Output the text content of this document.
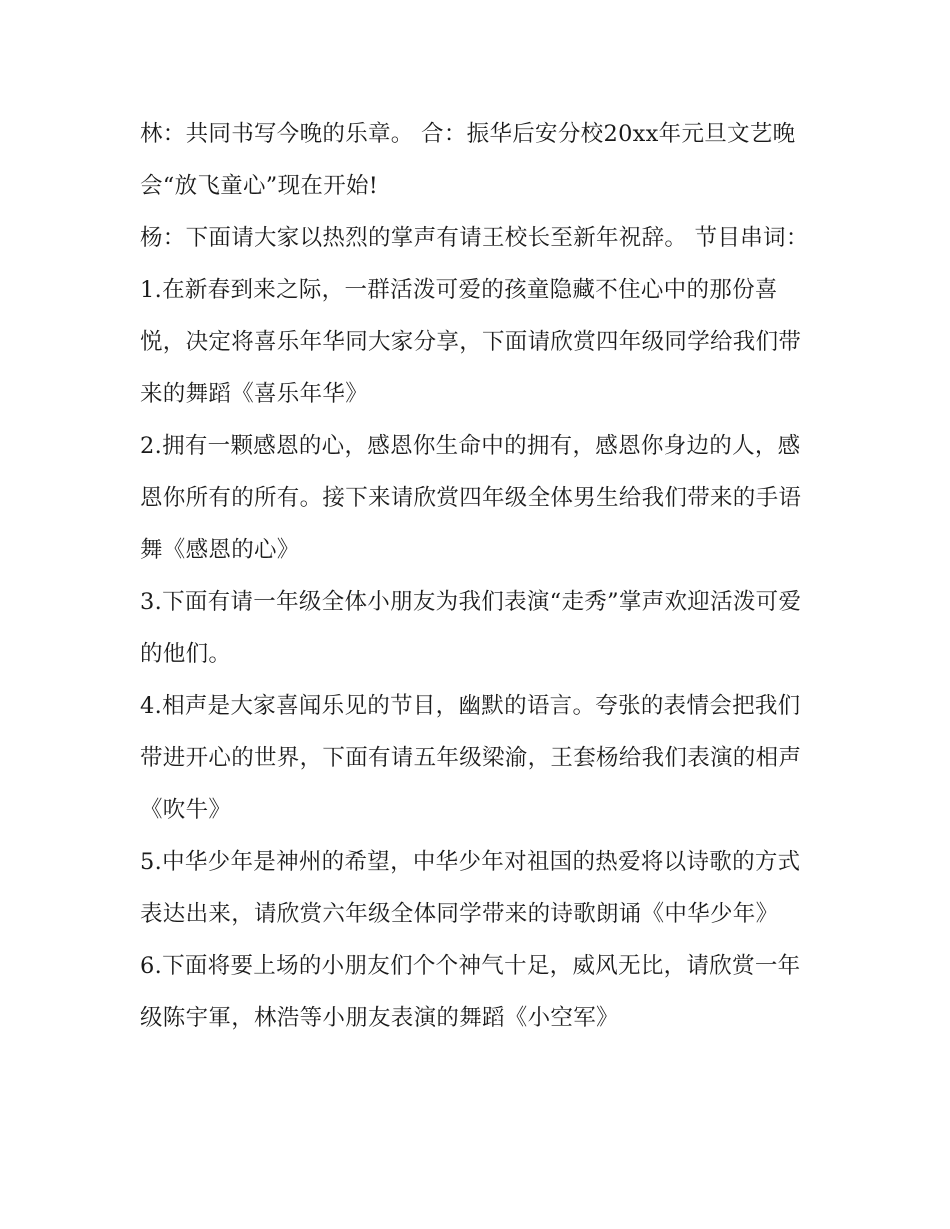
林：共同书写今晚的乐章。 合：振华后安分校20xx年元旦文艺晚会“放飞童心”现在开始!

杨：下面请大家以热烈的掌声有请王校长至新年祝辞。 节目串词：

1.在新春到来之际，一群活泼可爱的孩童隐藏不住心中的那份喜悦，决定将喜乐年华同大家分享，下面请欣赏四年级同学给我们带来的舞蹈《喜乐年华》

2.拥有一颗感恩的心，感恩你生命中的拥有，感恩你身边的人，感恩你所有的所有。接下来请欣赏四年级全体男生给我们带来的手语舞《感恩的心》

3.下面有请一年级全体小朋友为我们表演“走秀”掌声欢迎活泼可爱的他们。

4.相声是大家喜闻乐见的节目，幽默的语言。夸张的表情会把我们带进开心的世界，下面有请五年级梁渝，王套杨给我们表演的相声《吹牛》

5.中华少年是神州的希望，中华少年对祖国的热爱将以诗歌的方式表达出来，请欣赏六年级全体同学带来的诗歌朗诵《中华少年》

6.下面将要上场的小朋友们个个神气十足，威风无比，请欣赏一年级陈宇軍，林浩等小朋友表演的舞蹈《小空军》
